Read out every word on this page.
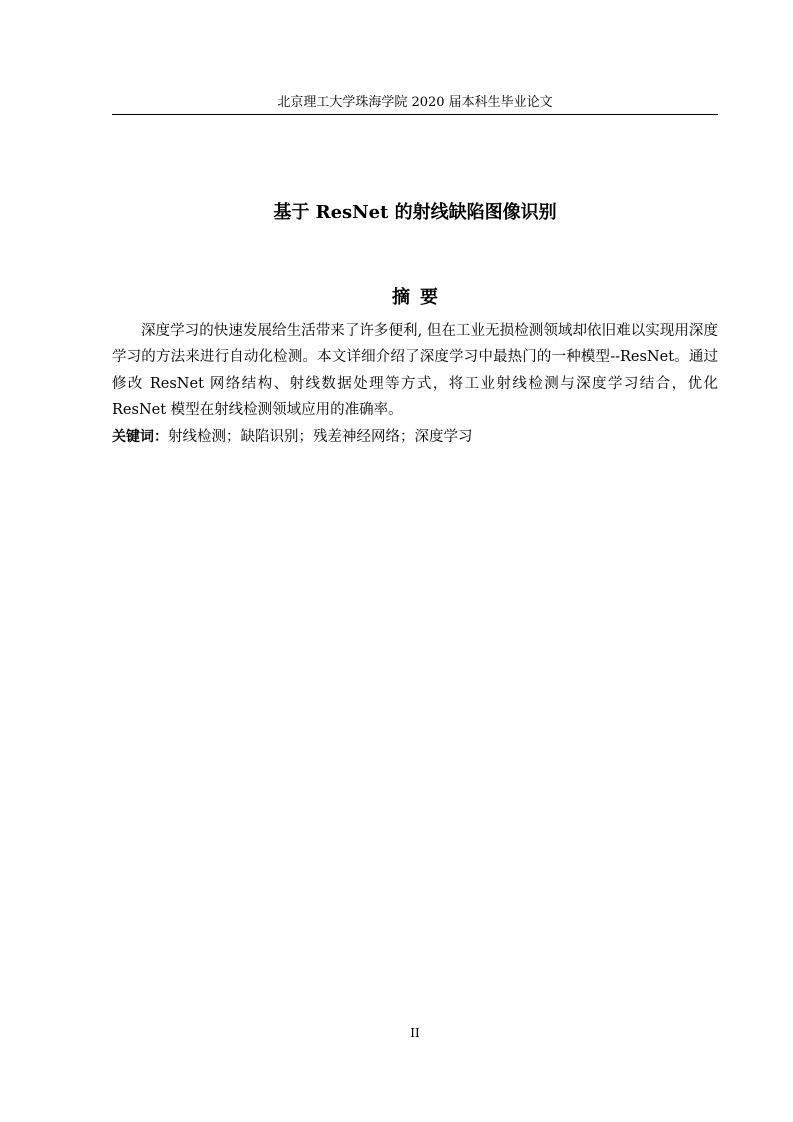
北京理工大学珠海学院 2020 届本科生毕业论文
基于 ResNet 的射线缺陷图像识别
摘要

深度学习的快速发展给生活带来了许多便利, 但在工业无损检测领域却依旧难以实现用深度学习的方法来进行自动化检测。本文详细介绍了深度学习中最热门的一种模型--ResNet。通过修改 ResNet 网络结构、射线数据处理等方式，将工业射线检测与深度学习结合，优化 ResNet 模型在射线检测领域应用的准确率。

关键词：射线检测；缺陷识别；残差神经网络；深度学习

II
